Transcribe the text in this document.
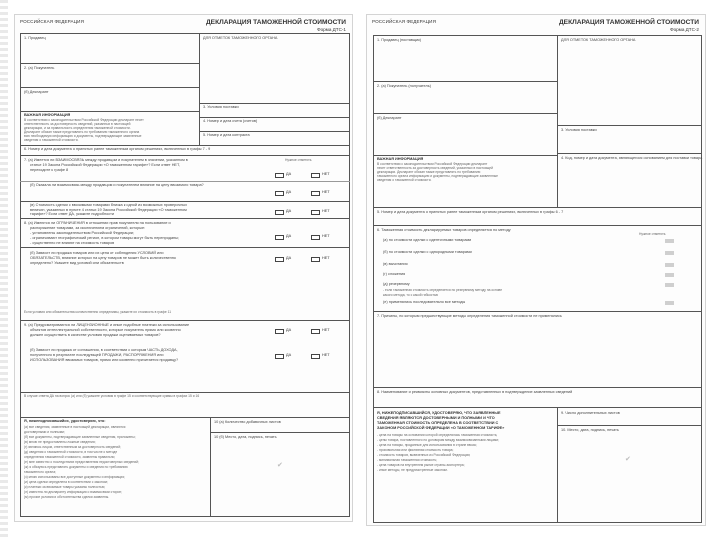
РОССИЙСКАЯ ФЕДЕРАЦИЯ	ДЕКЛАРАЦИЯ ТАМОЖЕННОЙ СТОИМОСТИ
Форма ДТС-1
1. Продавец
2. (а) Покупатель
(б) Декларант
ВАЖНАЯ ИНФОРМАЦИЯ
В соответствии с законодательством Российской Федерации декларант несет
ответственность за достоверность сведений, указанных в настоящей
декларации, и за правильность определения таможенной стоимости.
Декларант обязан также представлять по требованию таможенного органа
всю необходимую информацию и документы, подтверждающие заявленные
сведения о таможенной стоимости.
ДЛЯ ОТМЕТОК ТАМОЖЕННОГО ОРГАНА
3. Условия поставки
4. Номер и дата счета (счетов)
5. Номер и дата контракта
6. Номер и дата документа о принятых ранее таможенным органом решениях, включенных в графы 7 - 9
7. (а) Имеется ли ВЗАИМОСВЯЗЬ между продавцом и покупателем в значении, указанном в
статье 19 Закона Российской Федерации «О таможенном тарифе»? Если ответ НЕТ,
переходите к графе 8
Нужное отметить
ДА	НЕТ
(б) Оказала ли взаимосвязь между продавцом и покупателем влияние на цену ввозимого товара?
ДА	НЕТ
(в) Стоимость сделки с ввозимыми товарами близка к одной из возможных проверочных
величин, указанных в пункте 4 статьи 19 Закона Российской Федерации «О таможенном
тарифе»? Если ответ ДА, укажите подробности
ДА	НЕТ
8. (а) Имеются ли ОГРАНИЧЕНИЯ в отношении прав покупателя на пользование и
распоряжение товарами, за исключением ограничений, которые:
- установлены законодательством Российской Федерации;
- ограничивают географический регион, в котором товары могут быть перепроданы;
- существенно не влияют на стоимость товаров
ДА	НЕТ
(б) Зависит ли продажа товаров или их цена от соблюдения УСЛОВИЙ или
ОБЯЗАТЕЛЬСТВ, влияние которых на цену товаров не может быть количественно
определено? Укажите вид условий или обязательств
ДА	НЕТ
Если условия или обязательства количественно определимы, укажите их стоимость в графе 11
9. (а) Предусматриваются ли ЛИЦЕНЗИОННЫЕ и иные подобные платежи за использование
объектов интеллектуальной собственности, которые покупатель прямо или косвенно
должен осуществить в качестве условия продажи оцениваемых товаров?
ДА	НЕТ
(б) Зависит ли продажа от соглашения, в соответствии с которым ЧАСТЬ ДОХОДА,
полученного в результате последующей ПРОДАЖИ, РАСПОРЯЖЕНИЯ или
ИСПОЛЬЗОВАНИЯ ввозимых товаров, прямо или косвенно причитается продавцу?
ДА	НЕТ
В случае ответа ДА на вопрос (а) или (б) укажите условия в графе 15 и соответствующие суммы в графах 15 и 16
Я, нижеподписавшийся, удостоверяю, что:
(а) все сведения, заявленные в настоящей декларации, являются
достоверными и полными;
(б) все документы, подтверждающие заявленные сведения, приложены;
(в) мною не предоставлены ложные сведения;
(г) являюсь лицом, ответственным за достоверность сведений;
(д) сведения о таможенной стоимости, в том числе о методе
определения таможенной стоимости, заявлены правильно;
(е) мне известно о последствиях представления недостоверных сведений;
(ж) я обязуюсь представлять документы и сведения по требованию
таможенного органа;
(з) мною использованы все доступные документы и информация;
(и) цена сделки определена в соответствии с законом;
(к) платежи за ввозимые товары указаны полностью;
(л) известна ли декларанту информация о взаимосвязи сторон;
(м) прочие условия и обстоятельства сделки заявлены.
10 (а) Количество добавочных листов
10 (б) Место, дата, подпись, печать
✔
РОССИЙСКАЯ ФЕДЕРАЦИЯ	ДЕКЛАРАЦИЯ ТАМОЖЕННОЙ СТОИМОСТИ
Форма ДТС-2
1. Продавец (поставщик)
2. (а) Покупатель (получатель)
(б) Декларант
ВАЖНАЯ ИНФОРМАЦИЯ
В соответствии с законодательством Российской Федерации декларант
несет ответственность за достоверность сведений, указанных в настоящей
декларации. Декларант обязан также представлять по требованию
таможенного органа информацию и документы, подтверждающие заявленные
сведения о таможенной стоимости.
ДЛЯ ОТМЕТОК ТАМОЖЕННОГО ОРГАНА
3. Условия поставки
4. Код, номер и дата документа, являющегося основанием для поставки товара
5. Номер и дата документа о принятых ранее таможенным органом решениях, включенных в графы 6 - 7
6. Таможенная стоимость декларируемых товаров определяется по методу
Нужное отметить
(а) по стоимости сделки с идентичными товарами
(б) по стоимости сделки с однородными товарами
(в) вычитания
(г) сложения
(д) резервному
- если таможенная стоимость определяется по резервному методу на основе
какого метода, то с какой гибкостью
(е) применялись последовательно все методы
7. Причины, по которым предшествующие методы определения таможенной стоимости не применялись
8. Наименование и реквизиты основных документов, представленных в подтверждение заявленных сведений
Я, НИЖЕПОДПИСАВШИЙСЯ, УДОСТОВЕРЯЮ, ЧТО ЗАЯВЛЕННЫЕ
СВЕДЕНИЯ ЯВЛЯЮТСЯ ДОСТОВЕРНЫМИ И ПОЛНЫМИ И ЧТО
ТАМОЖЕННАЯ СТОИМОСТЬ ОПРЕДЕЛЕНА В СООТВЕТСТВИИ С
ЗАКОНОМ РОССИЙСКОЙ ФЕДЕРАЦИИ «О ТАМОЖЕННОМ ТАРИФЕ»
- цена на товары на основании которой определялась таможенная стоимость;
- цены товара, поставленного по договорам между взаимосвязанными лицами;
- цена на товары, проданные для использования в стране ввоза;
- произвольная или фиктивная стоимость товара;
- стоимость товаров, вывезенных из Российской Федерации;
- минимальная таможенная стоимость;
- цена товаров на внутреннем рынке страны-экспортера;
- иные методы, не предусмотренные законом.
9. Число дополнительных листов
10. Место, дата, подпись, печать
✔
